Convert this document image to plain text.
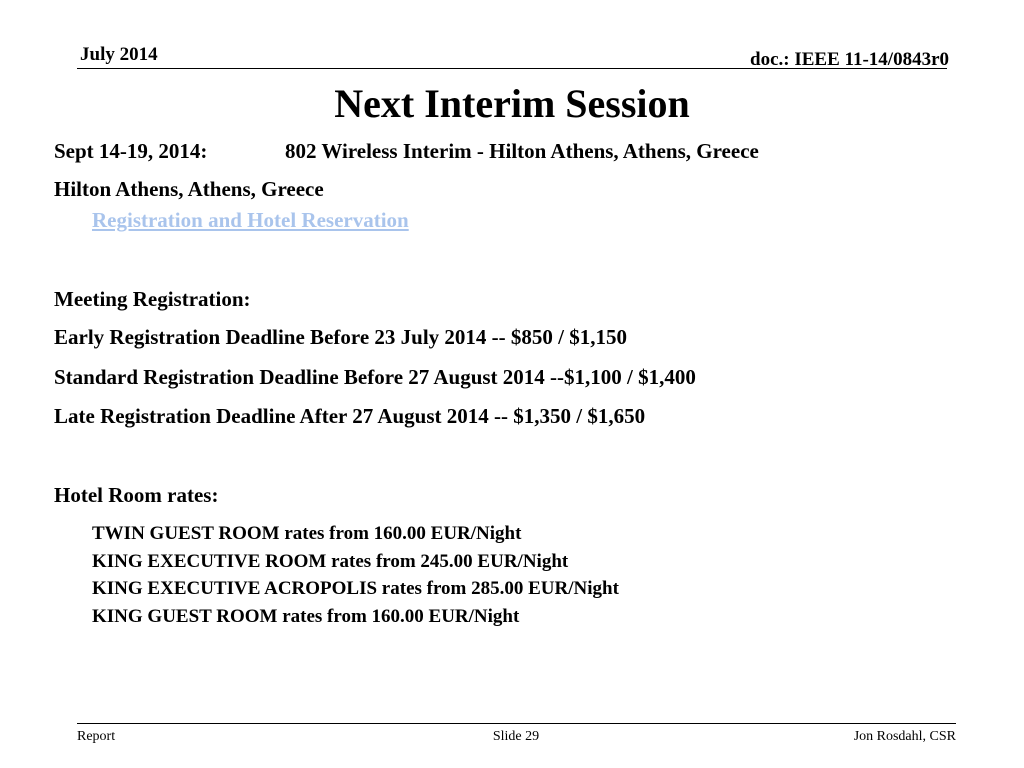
July 2014	doc.: IEEE 11-14/0843r0
Next Interim Session
Sept 14-19, 2014:	802 Wireless Interim - Hilton Athens, Athens, Greece
Hilton Athens, Athens, Greece
Registration and Hotel Reservation
Meeting Registration:
Early Registration Deadline Before 23 July 2014 -- $850 / $1,150
Standard Registration Deadline Before 27 August 2014 --$1,100 / $1,400
Late Registration Deadline After 27 August 2014 -- $1,350 / $1,650
Hotel Room rates:
TWIN GUEST ROOM rates from 160.00 EUR/Night
KING EXECUTIVE ROOM rates from 245.00 EUR/Night
KING EXECUTIVE ACROPOLIS rates from 285.00 EUR/Night
KING GUEST ROOM rates from 160.00 EUR/Night
Report	Slide 29	Jon Rosdahl, CSR
